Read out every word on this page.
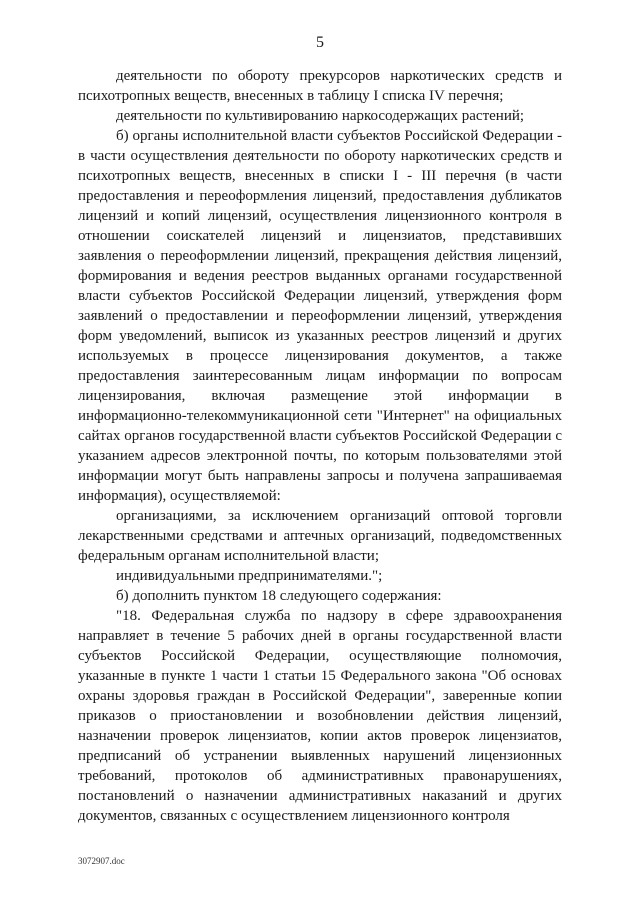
5

деятельности по обороту прекурсоров наркотических средств и психотропных веществ, внесенных в таблицу I списка IV перечня;

деятельности по культивированию наркосодержащих растений;

б) органы исполнительной власти субъектов Российской Федерации - в части осуществления деятельности по обороту наркотических средств и психотропных веществ, внесенных в списки I - III перечня (в части предоставления и переоформления лицензий, предоставления дубликатов лицензий и копий лицензий, осуществления лицензионного контроля в отношении соискателей лицензий и лицензиатов, представивших заявления о переоформлении лицензий, прекращения действия лицензий, формирования и ведения реестров выданных органами государственной власти субъектов Российской Федерации лицензий, утверждения форм заявлений о предоставлении и переоформлении лицензий, утверждения форм уведомлений, выписок из указанных реестров лицензий и других используемых в процессе лицензирования документов, а также предоставления заинтересованным лицам информации по вопросам лицензирования, включая размещение этой информации в информационно-телекоммуникационной сети "Интернет" на официальных сайтах органов государственной власти субъектов Российской Федерации с указанием адресов электронной почты, по которым пользователями этой информации могут быть направлены запросы и получена запрашиваемая информация), осуществляемой:

организациями, за исключением организаций оптовой торговли лекарственными средствами и аптечных организаций, подведомственных федеральным органам исполнительной власти;

индивидуальными предпринимателями.";

б) дополнить пунктом 18 следующего содержания:

"18. Федеральная служба по надзору в сфере здравоохранения направляет в течение 5 рабочих дней в органы государственной власти субъектов Российской Федерации, осуществляющие полномочия, указанные в пункте 1 части 1 статьи 15 Федерального закона "Об основах охраны здоровья граждан в Российской Федерации", заверенные копии приказов о приостановлении и возобновлении действия лицензий, назначении проверок лицензиатов, копии актов проверок лицензиатов, предписаний об устранении выявленных нарушений лицензионных требований, протоколов об административных правонарушениях, постановлений о назначении административных наказаний и других документов, связанных с осуществлением лицензионного контроля

3072907.doc
